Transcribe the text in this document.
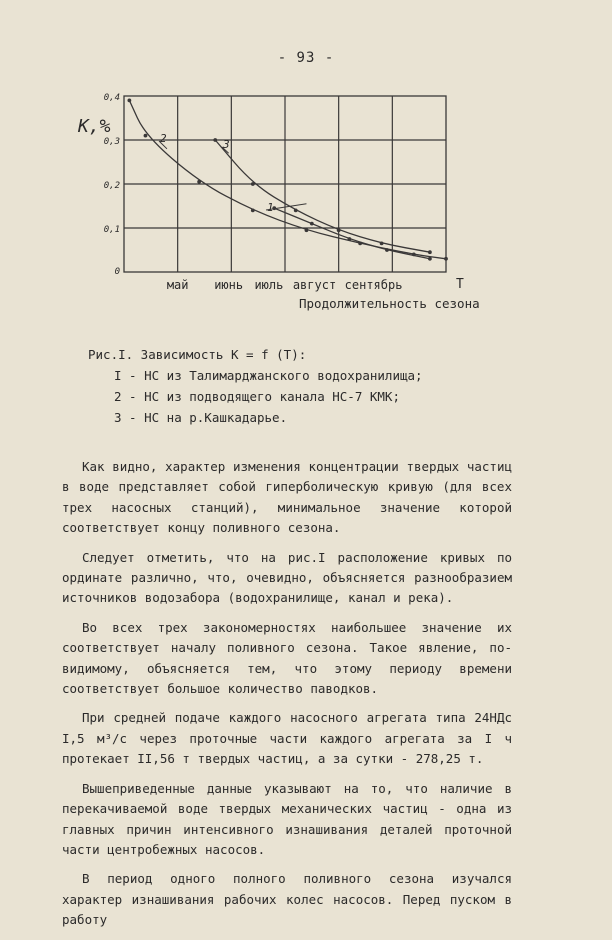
- 93 -
0
0,1
0,2
0,3
0,4
К,%
май июнь июль август сентябрь	Т
Продолжительность сезона
1
2	3
Рис.I. Зависимость К = f (Т):
I - НС из Талимарджанского водохранилища;
2 - НС из подводящего канала НС-7 КМК;
3 - НС на р.Кашкадарье.

Как видно, характер изменения концентрации твердых частиц в воде представляет собой гиперболическую кривую (для всех трех насосных станций), минимальное значение которой соответствует концу поливного сезона.

Следует отметить, что на рис.I расположение кривых по ординате различно, что, очевидно, объясняется разнообразием источников водозабора (водохранилище, канал и река).

Во всех трех закономерностях наибольшее значение их соответствует началу поливного сезона. Такое явление, по-видимому, объясняется тем, что этому периоду времени соответствует большое количество паводков.

При средней подаче каждого насосного агрегата типа 24НДс I,5 м³/с через проточные части каждого агрегата за I ч протекает II,56 т твердых частиц, а за сутки - 278,25 т.

Вышеприведенные данные указывают на то, что наличие в перекачиваемой воде твердых механических частиц - одна из главных причин интенсивного изнашивания деталей проточной части центробежных насосов.

В период одного полного поливного сезона изучался характер изнашивания рабочих колес насосов. Перед пуском в работу
